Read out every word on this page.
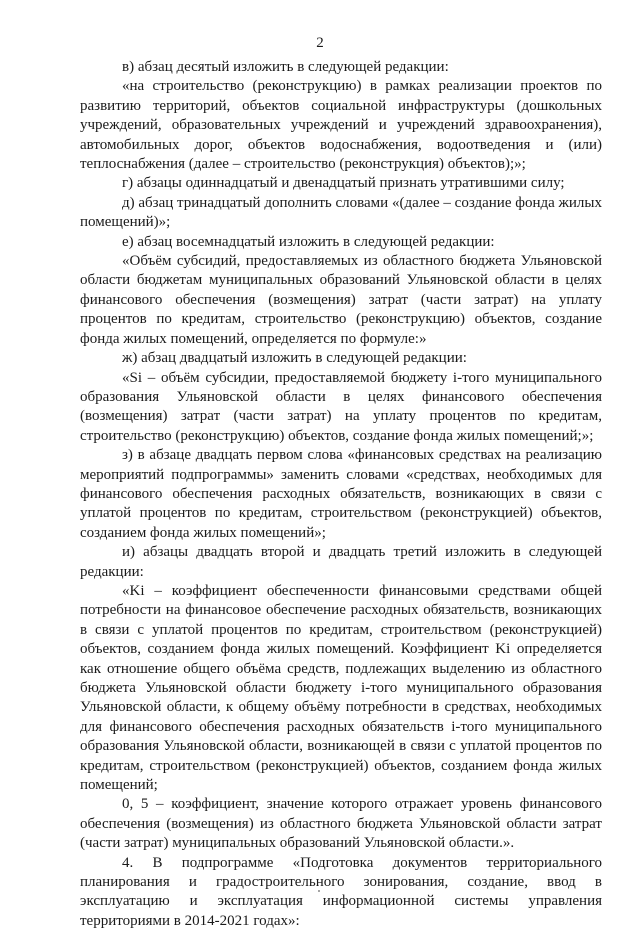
2

в) абзац десятый изложить в следующей редакции:

«на строительство (реконструкцию) в рамках реализации проектов по развитию территорий, объектов социальной инфраструктуры (дошкольных учреждений, образовательных учреждений и учреждений здравоохранения), автомобильных дорог, объектов водоснабжения, водоотведения и (или) теплоснабжения (далее – строительство (реконструкция) объектов);»;

г) абзацы одиннадцатый и двенадцатый признать утратившими силу;

д) абзац тринадцатый дополнить словами «(далее – создание фонда жилых помещений)»;

е) абзац восемнадцатый изложить в следующей редакции:

«Объём субсидий, предоставляемых из областного бюджета Ульяновской области бюджетам муниципальных образований Ульяновской области в целях финансового обеспечения (возмещения) затрат (части затрат) на уплату процентов по кредитам, строительство (реконструкцию) объектов, создание фонда жилых помещений, определяется по формуле:»

ж) абзац двадцатый изложить в следующей редакции:

«Si – объём субсидии, предоставляемой бюджету i-того муниципального образования Ульяновской области в целях финансового обеспечения (возмещения) затрат (части затрат) на уплату процентов по кредитам, строительство (реконструкцию) объектов, создание фонда жилых помещений;»;

з) в абзаце двадцать первом слова «финансовых средствах на реализацию мероприятий подпрограммы» заменить словами «средствах, необходимых для финансового обеспечения расходных обязательств, возникающих в связи с уплатой процентов по кредитам, строительством (реконструкцией) объектов, созданием фонда жилых помещений»;

и) абзацы двадцать второй и двадцать третий изложить в следующей редакции:

«Ki – коэффициент обеспеченности финансовыми средствами общей потребности на финансовое обеспечение расходных обязательств, возникающих в связи с уплатой процентов по кредитам, строительством (реконструкцией) объектов, созданием фонда жилых помещений. Коэффициент Ki определяется как отношение общего объёма средств, подлежащих выделению из областного бюджета Ульяновской области бюджету i-того муниципального образования Ульяновской области, к общему объёму потребности в средствах, необходимых для финансового обеспечения расходных обязательств i-того муниципального образования Ульяновской области, возникающей в связи с уплатой процентов по кредитам, строительством (реконструкцией) объектов, созданием фонда жилых помещений;

0, 5 – коэффициент, значение которого отражает уровень финансового обеспечения (возмещения) из областного бюджета Ульяновской области затрат (части затрат) муниципальных образований Ульяновской области.».

4. В подпрограмме «Подготовка документов территориального планирования и градостроительного зонирования, создание, ввод в эксплуатацию и эксплуатация информационной системы управления территориями в 2014-2021 годах»:
